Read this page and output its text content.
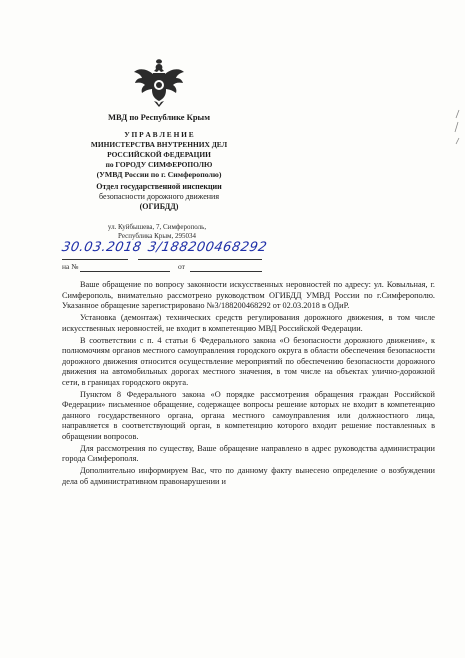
МВД по Республике Крым
У П Р А В Л Е Н И Е
МИНИСТЕРСТВА ВНУТРЕННИХ ДЕЛ
РОССИЙСКОЙ ФЕДЕРАЦИИ
по ГОРОДУ СИМФЕРОПОЛЮ
(УМВД России по г. Симферополю)
Отдел государственной инспекции
безопасности дорожного движения
(ОГИБДД)
ул. Куйбышева, 7, Симферополь,
Республика Крым, 295034
на №	от
30.03.2018 3/188200468292

Ваше обращение по вопросу законности искусственных неровностей по адресу: ул. Ковыльная, г. Симферополь, внимательно рассмотрено руководством ОГИБДД УМВД России по г.Симферополю. Указанное обращение зарегистрировано №3/188200468292 от 02.03.2018 в ОДиР.

Установка (демонтаж) технических средств регулирования дорожного движения, в том числе искусственных неровностей, не входит в компетенцию МВД Российской Федерации.

В соответствии с п. 4 статьи 6 Федерального закона «О безопасности дорожного движения», к полномочиям органов местного самоуправления городского округа в области обеспечения безопасности дорожного движения относится осуществление мероприятий по обеспечению безопасности дорожного движения на автомобильных дорогах местного значения, в том числе на объектах улично-дорожной сети, в границах городского округа.

Пунктом 8 Федерального закона «О порядке рассмотрения обращения граждан Российской Федерации» письменное обращение, содержащее вопросы решение которых не входит в компетенцию данного государственного органа, органа местного самоуправления или должностного лица, направляется в соответствующий орган, в компетенцию которого входит решение поставленных в обращении вопросов.

Для рассмотрения по существу, Ваше обращение направлено в адрес руководства администрации города Симферополя.

Дополнительно информируем Вас, что по данному факту вынесено определение о возбуждении дела об административном правонарушении и
